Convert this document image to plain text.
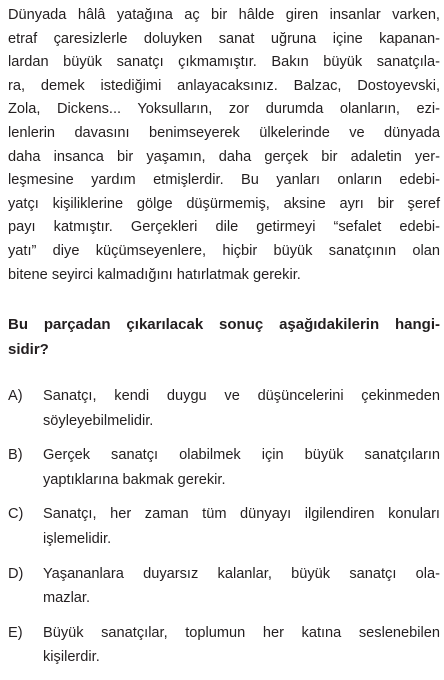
Dünyada hâlâ yatağına aç bir hâlde giren insanlar varken,
etraf çaresizlerle doluyken sanat uğruna içine kapanan-
lardan büyük sanatçı çıkmamıştır. Bakın büyük sanatçıla-
ra, demek istediğimi anlayacaksınız. Balzac, Dostoyevski,
Zola, Dickens... Yoksulların, zor durumda olanların, ezi-
lenlerin davasını benimseyerek ülkelerinde ve dünyada
daha insanca bir yaşamın, daha gerçek bir adaletin yer-
leşmesine yardım etmişlerdir. Bu yanları onların edebi-
yatçı kişiliklerine gölge düşürmemiş, aksine ayrı bir şeref
payı katmıştır. Gerçekleri dile getirmeyi “sefalet edebi-
yatı” diye küçümseyenlere, hiçbir büyük sanatçının olan
bitene seyirci kalmadığını hatırlatmak gerekir.
Bu parçadan çıkarılacak sonuç aşağıdakilerin hangi-
sidir?
A) Sanatçı, kendi duygu ve düşüncelerini çekinmeden
söyleyebilmelidir.
B) Gerçek sanatçı olabilmek için büyük sanatçıların
yaptıklarına bakmak gerekir.
C) Sanatçı, her zaman tüm dünyayı ilgilendiren konuları
işlemelidir.
D) Yaşananlara duyarsız kalanlar, büyük sanatçı ola-
mazlar.
E) Büyük sanatçılar, toplumun her katına seslenebilen
kişilerdir.
